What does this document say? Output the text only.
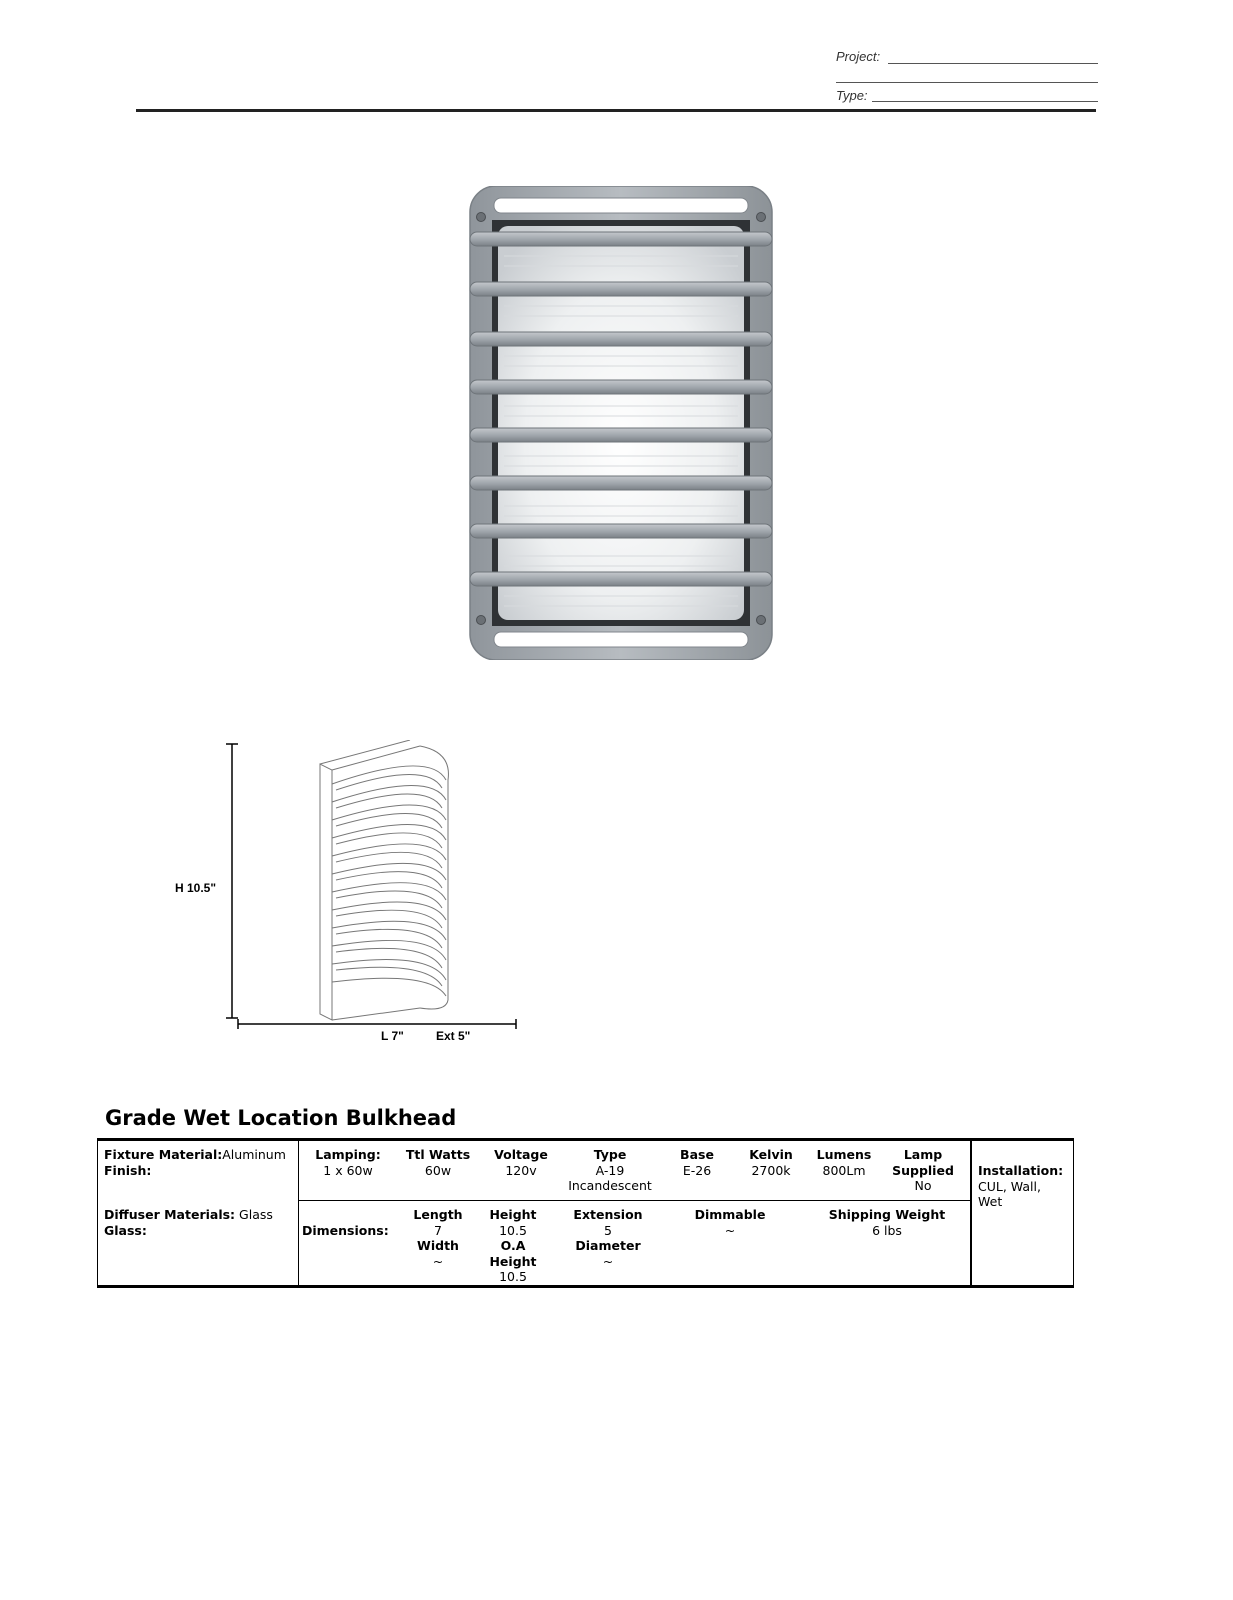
Project:
Type:
H 10.5"
L 7"	Ext 5"
Grade Wet Location Bulkhead
Fixture Material:Aluminum
Finish:
Diffuser Materials: Glass
Glass:
Lamping:
1 x 60w
Ttl Watts
60w
Voltage
120v
Type
A-19
Incandescent
Base
E-26
Kelvin
2700k
Lumens
800Lm
Lamp
Supplied
No
Dimensions:
Length
7
Width
~
Height
10.5
O.A
Height
10.5
Extension
5
Diameter
~
Dimmable
~
Shipping Weight
6 lbs
Installation:
CUL, Wall,
Wet
